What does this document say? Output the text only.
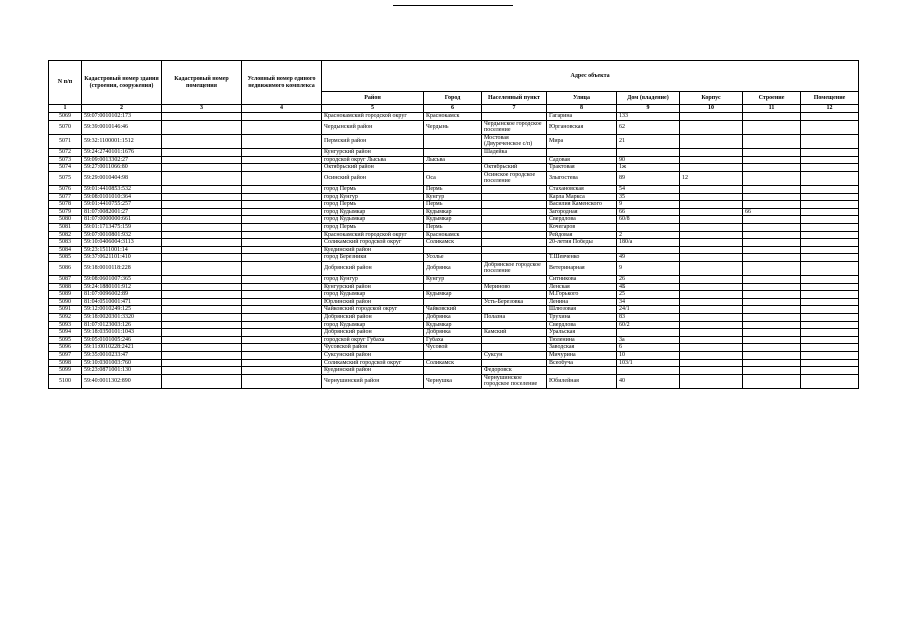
N п/п	Кадастровый номер здания (строения, сооружения)	Кадастровый номер помещения	Условный номер единого недвижимого комплекса	Адрес объекта							
				Район	Город	Населенный пункт	Улица	Дом (владение)	Корпус	Строение	Помещение
1	2	3	4	5	6	7	8	9	10	11	12
5069	59:07:0010102:173			Краснокамский городской округ	Краснокамск		Гагарина	133			
5070	59:39:0010146:46			Чердынский район	Чердынь	Чердынское городское поселение	Юргановская	62			
5071	59:32:1100001:1512			Пермский район		Мостовая (Двуреченское с/п)	Мира	21			
5072	59:24:2740101:1676			Кунгурский район		Шадейка					
5073	59:09:0013302:27			городской округ Лысьва	Лысьва		Садовая	90			
5074	59:27:0011066:80			Октябрьский район		Октябрьский	Трактовая	1ж			
5075	59:29:0010404:98			Осинский район	Оса	Осинское городское поселение	Злыгостева	89	12		
5076	59:01:4410853:532			город Пермь	Пермь		Стахановская	54			
5077	59:08:0101010:364			город Кунгур	Кунгур		Карла Маркса	35			
5078	59:01:4410755:257			город Пермь	Пермь		Василия Каменского	9			
5079	81:07:0082001:27			город Кудымкар	Кудымкар		Загородная	66		66	
5080	81:07:0000000:661			город Кудымкар	Кудымкар		Свердлова	60/8			
5081	59:01:1713475:159			город Пермь	Пермь		Кочегаров				
5082	59:07:0010801:932			Краснокамский городской округ	Краснокамск		Рейдовая	2			
5083	59:10:0406004:3113			Соликамский городской округ	Соликамск		20-летия Победы	180/а			
5084	59:23:1511001:14			Куединский район							
5085	59:37:0621101:410			город Березники	Усолье		Т.Шевченко	49			
5086	59:18:0010118:228			Добрянский район	Добрянка	Добрянское городское поселение	Ветеринарная	9			
5087	59:08:0601007:365			город Кунгур	Кунгур		Ситникова	26			
5088	59:24:1880101:912			Кунгурский район		Мериново	Ленская	4Б			
5089	81:07:0096002:89			город Кудымкар	Кудымкар		М.Горького	25			
5090	81:04:0510001:471			Юрлинский район		Усть-Березовка	Ленина	34			
5091	59:12:0010249:125			Чайковский городской округ	Чайковский		Шлюзовая	24/1			
5092	59:18:0020301:3320			Добрянский район	Добрянка	Полазна	Трухина	83			
5093	81:07:0123003:126			город Кудымкар	Кудымкар		Свердлова	60/2			
5094	59:18:0350101:1043			Добрянский район	Добрянка	Камский	Уральская				
5095	59:05:0101005:246			городской округ Губаха	Губаха		Тюленина	3а			
5096	59:11:0010228:2421			Чусовской район	Чусовой		Заводская	6			
5097	59:35:0010233:47			Суксунский район		Суксун	Мичурина	10			
5098	59:10:0301003:760			Соликамский городской округ	Соликамск		Всеобуча	103/1			
5099	59:23:0871001:130			Куединский район		Федоровск					
5100	59:40:0011302:890			Чернушинский район	Чернушка	Чернушинское городское поселение	Юбилейная	40			
